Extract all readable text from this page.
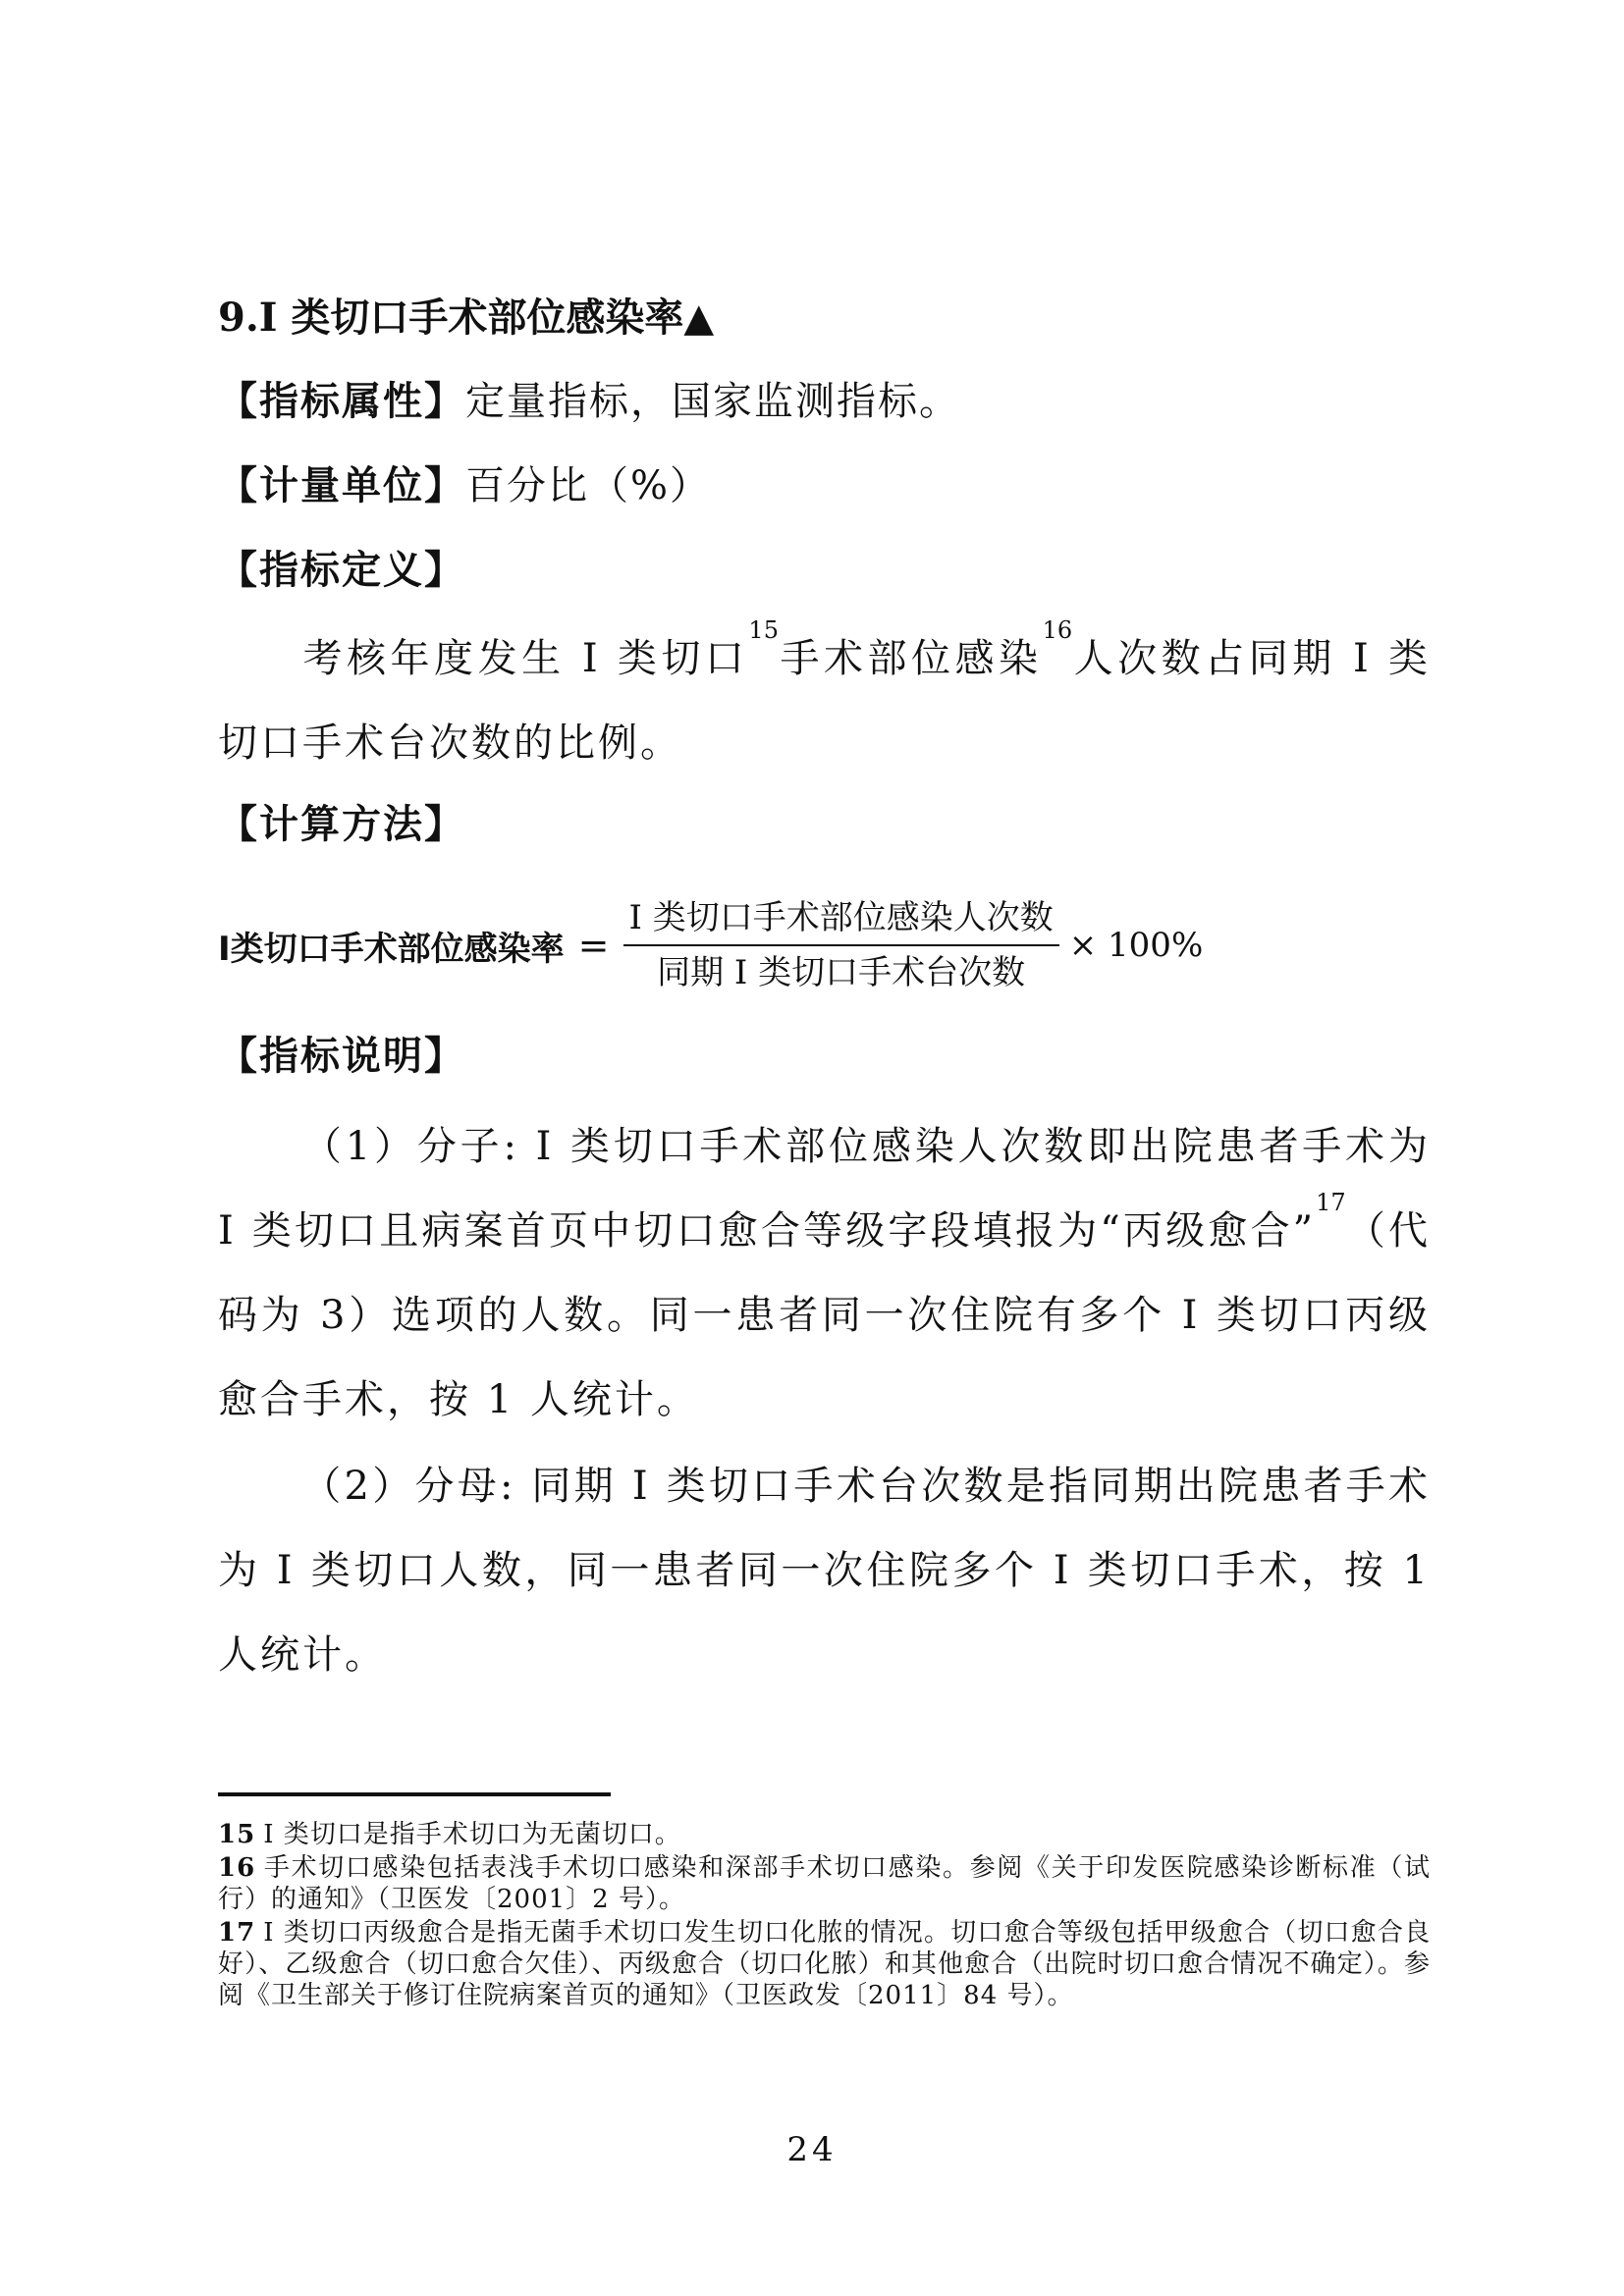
9.I 类切口手术部位感染率▲
【指标属性】定量指标，国家监测指标。
【计量单位】百分比（%）
【指标定义】
考核年度发生 I 类切口$^{15}$手术部位感染$^{16}$人次数占同期 I 类切口手术台次数的比例。
【计算方法】
I类切口手术部位感染率 = $\frac{\text{I 类切口手术部位感染人次数}}{\text{同期 I 类切口手术台次数}} \times 100\%$
【指标说明】
（1）分子: I 类切口手术部位感染人次数即出院患者手术为 I 类切口且病案首页中切口愈合等级字段填报为“丙级愈合”$^{17}$（代码为 3）选项的人数。同一患者同一次住院有多个 I 类切口丙级愈合手术，按 1 人统计。
（2）分母: 同期 I 类切口手术台次数是指同期出院患者手术为 I 类切口人数，同一患者同一次住院多个 I 类切口手术，按 1 人统计。
15 I 类切口是指手术切口为无菌切口。
16 手术切口感染包括表浅手术切口感染和深部手术切口感染。参阅《关于印发医院感染诊断标准（试行）的通知》（卫医发〔2001〕2 号）。
17 I 类切口丙级愈合是指无菌手术切口发生切口化脓的情况。切口愈合等级包括甲级愈合（切口愈合良好）、乙级愈合（切口愈合欠佳）、丙级愈合（切口化脓）和其他愈合（出院时切口愈合情况不确定）。参阅《卫生部关于修订住院病案首页的通知》（卫医政发〔2011〕84 号）。
24
